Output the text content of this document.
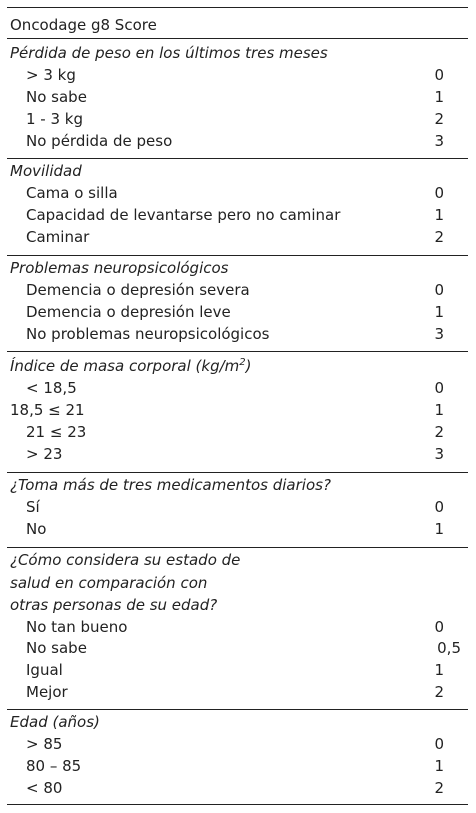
Oncodage g8 Score
Pérdida de peso en los últimos tres meses
> 3 kg	0
No sabe	1
1 - 3 kg	2
No pérdida de peso	3
Movilidad
Cama o silla	0
Capacidad de levantarse pero no caminar	1
Caminar	2
Problemas neuropsicológicos
Demencia o depresión severa	0
Demencia o depresión leve	1
No problemas neuropsicológicos	3
Índice de masa corporal $(kg/m^2)$
< 18,5	0
18,5 ≤ 21	1
21 ≤ 23	2
> 23	3
¿Toma más de tres medicamentos diarios?
Sí	0
No	1
¿Cómo considera su estado de
salud en comparación con
otras personas de su edad?
No tan bueno	0
No sabe	0,5
Igual	1
Mejor	2
Edad (años)
> 85	0
80 – 85	1
< 80	2
